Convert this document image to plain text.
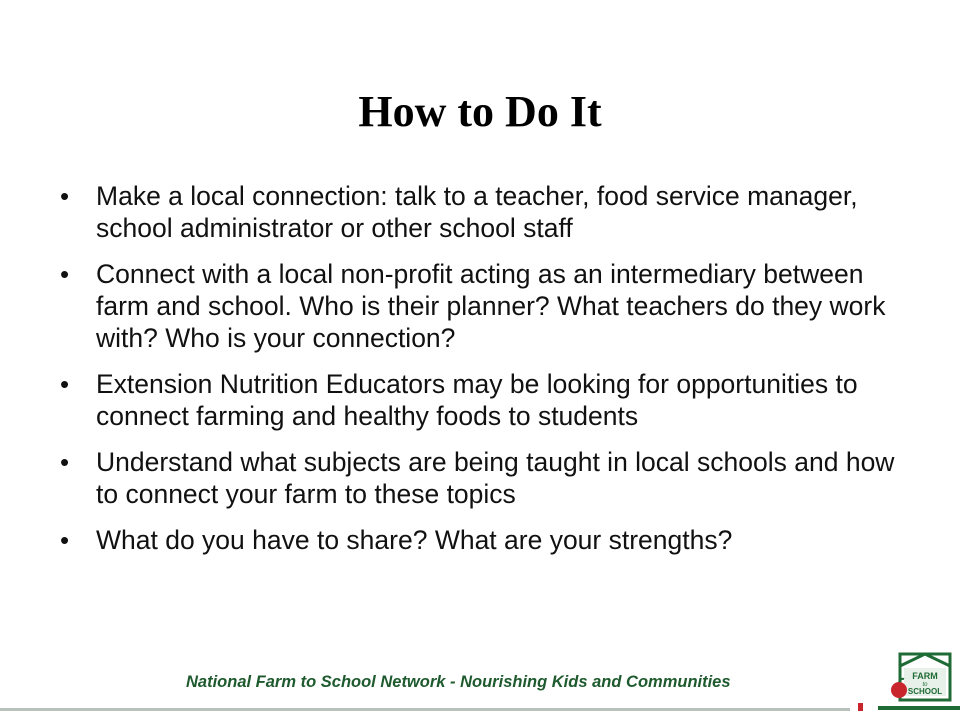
How to Do It
• Make a local connection: talk to a teacher, food service manager, school administrator or other school staff
• Connect with a local non-profit acting as an intermediary between farm and school. Who is their planner? What teachers do they work with? Who is your connection?
• Extension Nutrition Educators may be looking for opportunities to connect farming and healthy foods to students
• Understand what subjects are being taught in local schools and how to connect your farm to these topics
• What do you have to share? What are your strengths?
National Farm to School Network - Nourishing Kids and Communities	FARM
to
SCHOOL
